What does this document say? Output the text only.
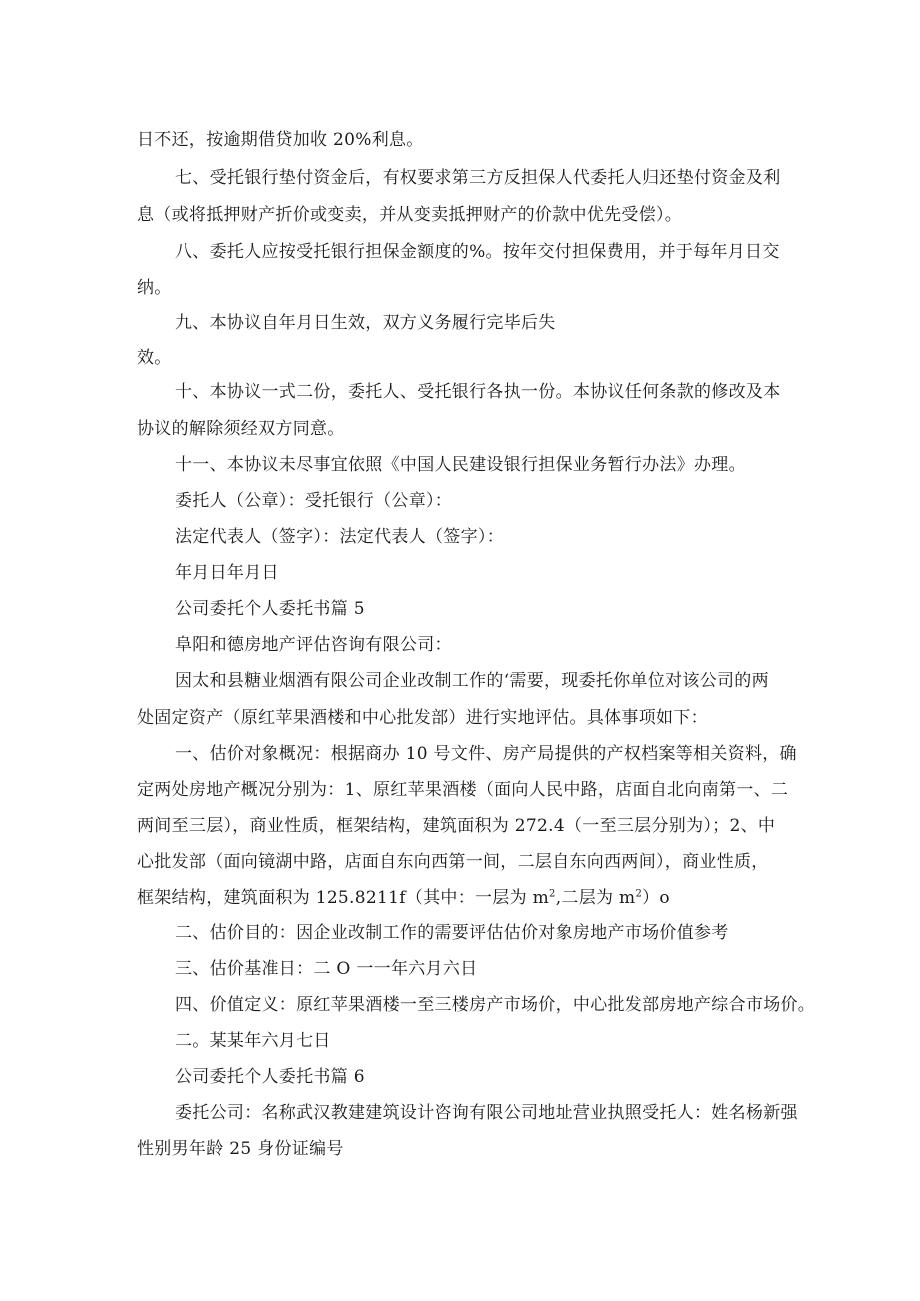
日不还，按逾期借贷加收 20%利息。
七、受托银行垫付资金后，有权要求第三方反担保人代委托人归还垫付资金及利
息（或将抵押财产折价或变卖，并从变卖抵押财产的价款中优先受偿）。
八、委托人应按受托银行担保金额度的%。按年交付担保费用，并于每年月日交
纳。
九、本协议自年月日生效，双方义务履行完毕后失
效。
十、本协议一式二份，委托人、受托银行各执一份。本协议任何条款的修改及本
协议的解除须经双方同意。
十一、本协议未尽事宜依照《中国人民建设银行担保业务暂行办法》办理。
委托人（公章）：受托银行（公章）：
法定代表人（签字）：法定代表人（签字）：
年月日年月日
公司委托个人委托书篇 5
阜阳和德房地产评估咨询有限公司：
因太和县糖业烟酒有限公司企业改制工作的‘需要，现委托你单位对该公司的两
处固定资产（原红苹果酒楼和中心批发部）进行实地评估。具体事项如下：
一、估价对象概况：根据商办 10 号文件、房产局提供的产权档案等相关资料，确
定两处房地产概况分别为：1、原红苹果酒楼（面向人民中路，店面自北向南第一、二
两间至三层），商业性质，框架结构，建筑面积为 272.4（一至三层分别为）；2、中
心批发部（面向镜湖中路，店面自东向西第一间，二层自东向西两间），商业性质，
框架结构，建筑面积为 125.8211f（其中：一层为 $m^2$,二层为 $m^2)o$
二、估价目的：因企业改制工作的需要评估估价对象房地产市场价值参考
三、估价基准日：二 O 一一年六月六日
四、价值定义：原红苹果酒楼一至三楼房产市场价，中心批发部房地产综合市场价。
二。某某年六月七日
公司委托个人委托书篇 6
委托公司：名称武汉教建建筑设计咨询有限公司地址营业执照受托人：姓名杨新强
性别男年龄 25 身份证编号
